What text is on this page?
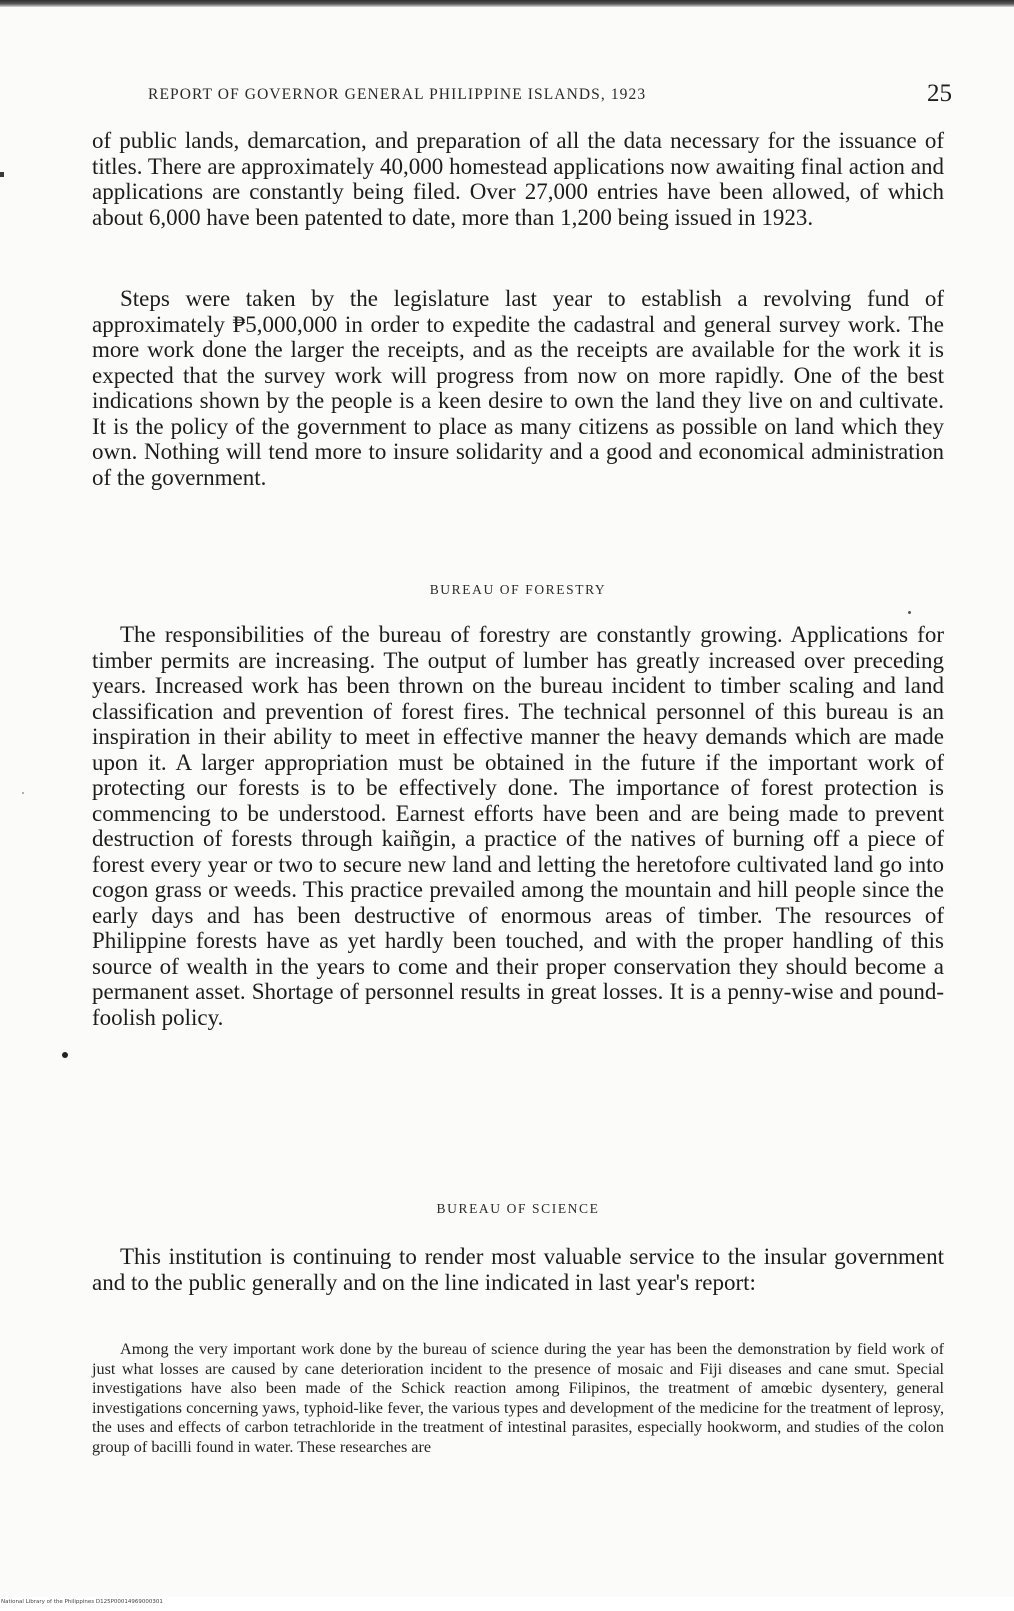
REPORT OF GOVERNOR GENERAL PHILIPPINE ISLANDS, 1923	25

of public lands, demarcation, and preparation of all the data necessary for the issuance of titles. There are approximately 40,000 homestead applications now awaiting final action and applications are constantly being filed. Over 27,000 entries have been allowed, of which about 6,000 have been patented to date, more than 1,200 being issued in 1923.

Steps were taken by the legislature last year to establish a revolving fund of approximately ₱5,000,000 in order to expedite the cadastral and general survey work. The more work done the larger the receipts, and as the receipts are available for the work it is expected that the survey work will progress from now on more rapidly. One of the best indications shown by the people is a keen desire to own the land they live on and cultivate. It is the policy of the government to place as many citizens as possible on land which they own. Nothing will tend more to insure solidarity and a good and economical administration of the government.

BUREAU OF FORESTRY

The responsibilities of the bureau of forestry are constantly growing. Applications for timber permits are increasing. The output of lumber has greatly increased over preceding years. Increased work has been thrown on the bureau incident to timber scaling and land classification and prevention of forest fires. The technical personnel of this bureau is an inspiration in their ability to meet in effective manner the heavy demands which are made upon it. A larger appropriation must be obtained in the future if the important work of protecting our forests is to be effectively done. The importance of forest protection is commencing to be understood. Earnest efforts have been and are being made to prevent destruction of forests through kaiñgin, a practice of the natives of burning off a piece of forest every year or two to secure new land and letting the heretofore cultivated land go into cogon grass or weeds. This practice prevailed among the mountain and hill people since the early days and has been destructive of enormous areas of timber. The resources of Philippine forests have as yet hardly been touched, and with the proper handling of this source of wealth in the years to come and their proper conservation they should become a permanent asset. Shortage of personnel results in great losses. It is a penny-wise and pound-foolish policy.

BUREAU OF SCIENCE

This institution is continuing to render most valuable service to the insular government and to the public generally and on the line indicated in last year's report:

Among the very important work done by the bureau of science during the year has been the demonstration by field work of just what losses are caused by cane deterioration incident to the presence of mosaic and Fiji diseases and cane smut. Special investigations have also been made of the Schick reaction among Filipinos, the treatment of amœbic dysentery, general investigations concerning yaws, typhoid-like fever, the various types and development of the medicine for the treatment of leprosy, the uses and effects of carbon tetrachloride in the treatment of intestinal parasites, especially hookworm, and studies of the colon group of bacilli found in water. These researches are

National Library of the Philippines D125P00014969000301
